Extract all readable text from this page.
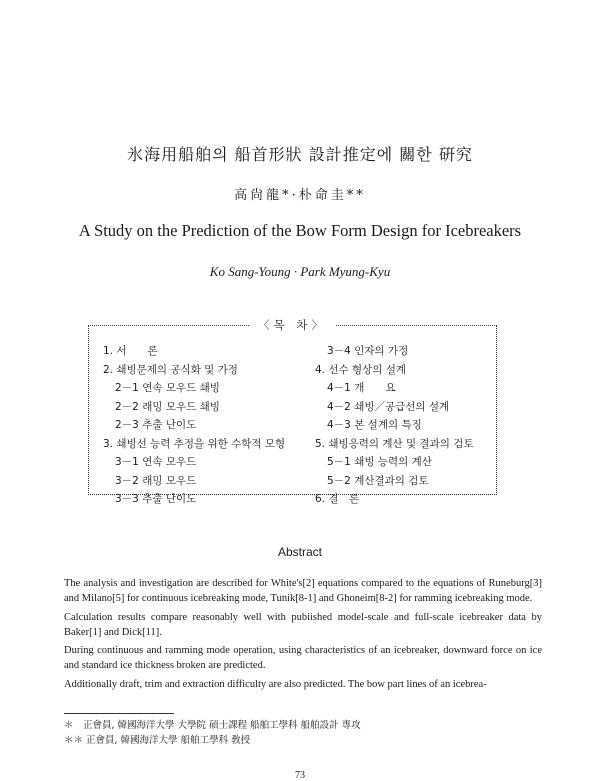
氷海用船舶의 船首形狀 設計推定에 關한 硏究
高尙龍*·朴命圭**
A Study on the Prediction of the Bow Form Design for Icebreakers
Ko Sang-Young · Park Myung-Kyu
〈목 차〉
1. 서　　론
2. 쇄빙문제의 공식화 및 가정
2－1 연속 모우드 쇄빙
2－2 래밍 모우드 쇄빙
2－3 추출 난이도
3. 쇄빙선 능력 추정을 위한 수학적 모형
3－1 연속 모우드
3－2 래밍 모우드
3－3 추출 난이도
3－4 인자의 가정
4. 선수 형상의 설계
4－1 개　　요
4－2 쇄빙／공급선의 설계
4－3 본 설계의 특징
5. 쇄빙응력의 계산 및 결과의 검토
5－1 쇄빙 능력의 계산
5－2 계산결과의 검토
6. 결　론
Abstract

The analysis and investigation are described for White's[2] equations compared to the equations of Runeburg[3] and Milano[5] for continuous icebreaking mode, Tunik[8-1] and Ghoneim[8-2] for ramming icebreaking mode.

Calculation results compare reasonably well with pubiished model-scale and full-scale icebreaker data by Baker[1] and Dick[11].

During continuous and ramming mode operation, using characteristics of an icebreaker, downward force on ice and standard ice thickness broken are predicted.

Additionally draft, trim and extraction difficulty are also predicted. The bow part lines of an icebrea-

＊　正會員, 韓國海洋大學 大學院 碩士課程 船舶工學科 船舶設計 專攻
＊＊ 正會員, 韓國海洋大學 船舶工學科 敎授
73
